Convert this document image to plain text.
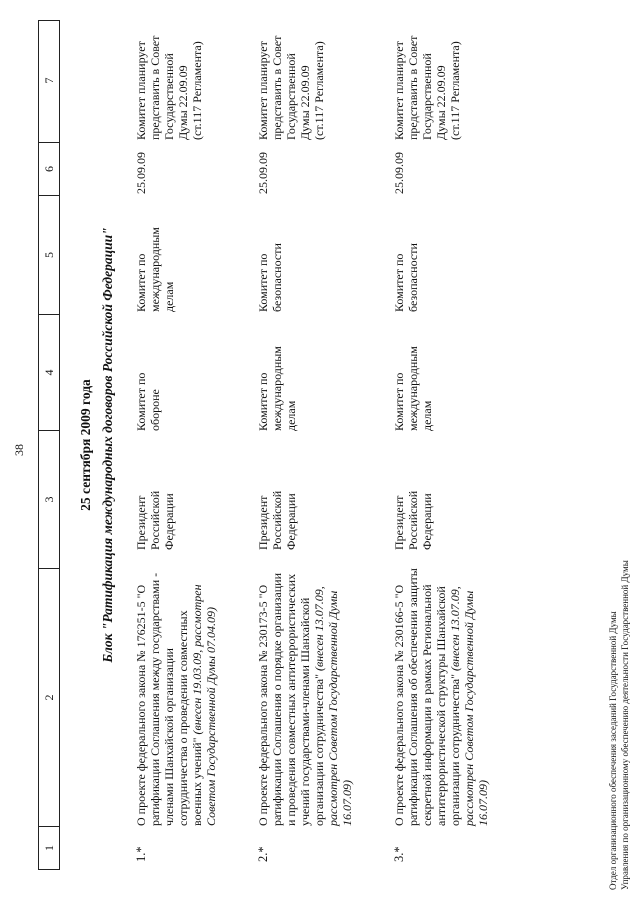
38
1
2
3
4
5
6
7
25 сентября 2009 года Блок "Ратификация международных договоров Российской Федерации"
1.*
О проекте федерального закона № 176251-5 "О ратификации Соглашения между государствами - членами Шанхайской организации сотрудничества о проведении совместных военных учений" (внесен 19.03.09, рассмотрен Советом Государственной Думы 07.04.09)
Президент Российской Федерации
Комитет по обороне
Комитет по международным делам
25.09.09
Комитет планирует представить в Совет Государственной Думы 22.09.09 (ст.117 Регламента)
2.*
О проекте федерального закона № 230173-5 "О ратификации Соглашения о порядке организации и проведения совместных антитеррористических учений государствами-членами Шанхайской организации сотрудничества" (внесен 13.07.09, рассмотрен Советом Государственной Думы 16.07.09)
Президент Российской Федерации
Комитет по международным делам
Комитет по безопасности
25.09.09
Комитет планирует представить в Совет Государственной Думы 22.09.09 (ст.117 Регламента)
3.*
О проекте федерального закона № 230166-5 "О ратификации Соглашения об обеспечении защиты секретной информации в рамках Региональной антитеррористической структуры Шанхайской организации сотрудничества" (внесен 13.07.09, рассмотрен Советом Государственной Думы 16.07.09)
Президент Российской Федерации
Комитет по международным делам
Комитет по безопасности
25.09.09
Комитет планирует представить в Совет Государственной Думы 22.09.09 (ст.117 Регламента)
Отдел организационного обеспечения заседаний Государственной Думы Управления по организационному обеспечению деятельности Государственной Думы
